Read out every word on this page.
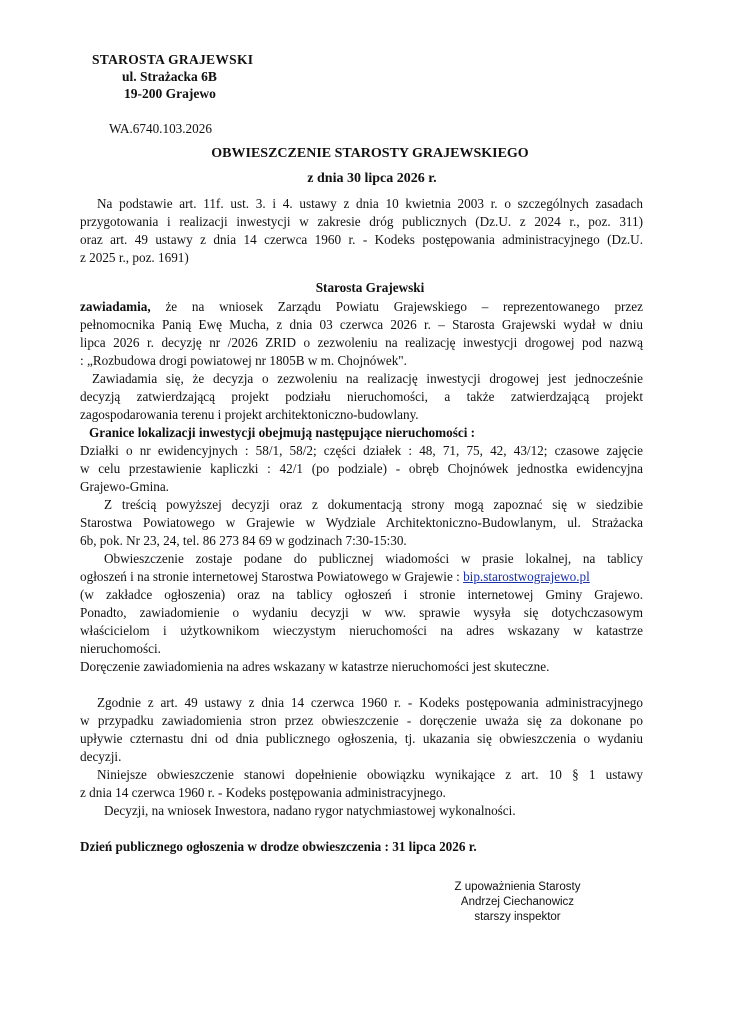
STAROSTA GRAJEWSKI
ul. Strażacka 6B
19-200 Grajewo
WA.6740.103.2026
OBWIESZCZENIE STAROSTY GRAJEWSKIEGO
z dnia 30 lipca 2026 r.
Na podstawie art. 11f. ust. 3. i 4. ustawy z dnia 10 kwietnia 2003 r. o szczególnych zasadach
przygotowania i realizacji inwestycji w zakresie dróg publicznych (Dz.U. z 2024 r., poz. 311)
oraz art. 49 ustawy z dnia 14 czerwca 1960 r. - Kodeks postępowania administracyjnego (Dz.U.
z 2025 r., poz. 1691)
Starosta Grajewski
zawiadamia, że na wniosek Zarządu Powiatu Grajewskiego – reprezentowanego przez
pełnomocnika Panią Ewę Mucha, z dnia 03 czerwca 2026 r. – Starosta Grajewski wydał w dniu
lipca 2026 r. decyzję nr /2026 ZRID o zezwoleniu na realizację inwestycji drogowej pod nazwą
: „Rozbudowa drogi powiatowej nr 1805B w m. Chojnówek".
Zawiadamia się, że decyzja o zezwoleniu na realizację inwestycji drogowej jest jednocześnie
decyzją zatwierdzającą projekt podziału nieruchomości, a także zatwierdzającą projekt
zagospodarowania terenu i projekt architektoniczno-budowlany.
Granice lokalizacji inwestycji obejmują następujące nieruchomości :
Działki o nr ewidencyjnych : 58/1, 58/2; części działek : 48, 71, 75, 42, 43/12; czasowe zajęcie
w celu przestawienie kapliczki : 42/1 (po podziale) - obręb Chojnówek jednostka ewidencyjna
Grajewo-Gmina.
Z treścią powyższej decyzji oraz z dokumentacją strony mogą zapoznać się w siedzibie
Starostwa Powiatowego w Grajewie w Wydziale Architektoniczno-Budowlanym, ul. Strażacka
6b, pok. Nr 23, 24, tel. 86 273 84 69 w godzinach 7:30-15:30.
Obwieszczenie zostaje podane do publicznej wiadomości w prasie lokalnej, na tablicy
ogłoszeń i na stronie internetowej Starostwa Powiatowego w Grajewie : bip.starostwograjewo.pl
(w zakładce ogłoszenia) oraz na tablicy ogłoszeń i stronie internetowej Gminy Grajewo.
Ponadto, zawiadomienie o wydaniu decyzji w ww. sprawie wysyła się dotychczasowym
właścicielom i użytkownikom wieczystym nieruchomości na adres wskazany w katastrze
nieruchomości.
Doręczenie zawiadomienia na adres wskazany w katastrze nieruchomości jest skuteczne.
Zgodnie z art. 49 ustawy z dnia 14 czerwca 1960 r. - Kodeks postępowania administracyjnego
w przypadku zawiadomienia stron przez obwieszczenie - doręczenie uważa się za dokonane po
upływie czternastu dni od dnia publicznego ogłoszenia, tj. ukazania się obwieszczenia o wydaniu
decyzji.
Niniejsze obwieszczenie stanowi dopełnienie obowiązku wynikające z art. 10 § 1 ustawy
z dnia 14 czerwca 1960 r. - Kodeks postępowania administracyjnego.
Decyzji, na wniosek Inwestora, nadano rygor natychmiastowej wykonalności.
Dzień publicznego ogłoszenia w drodze obwieszczenia : 31 lipca 2026 r.
Z upoważnienia Starosty
Andrzej Ciechanowicz
starszy inspektor
